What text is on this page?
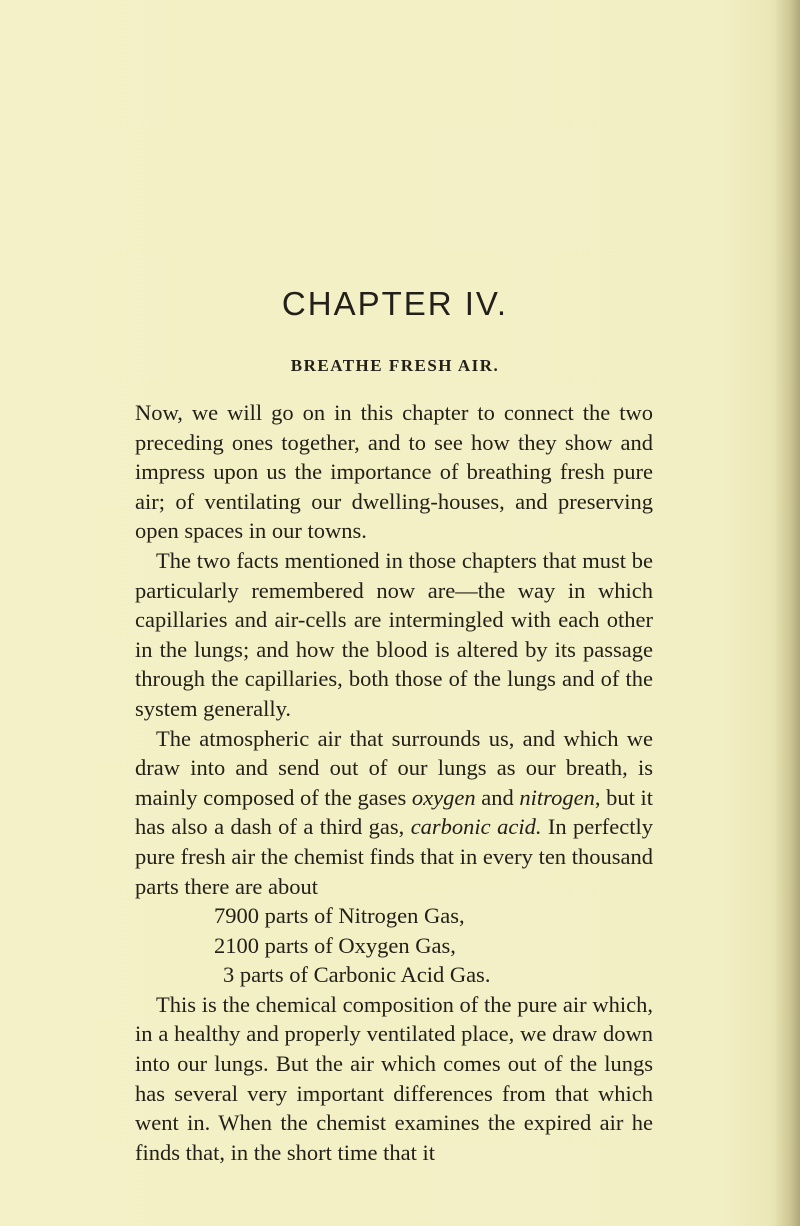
CHAPTER IV.
BREATHE FRESH AIR.

Now, we will go on in this chapter to connect the two preceding ones together, and to see how they show and impress upon us the importance of breathing fresh pure air; of ventilating our dwelling-houses, and preserving open spaces in our towns.

The two facts mentioned in those chapters that must be particularly remembered now are—the way in which capillaries and air-cells are intermingled with each other in the lungs; and how the blood is altered by its passage through the capillaries, both those of the lungs and of the system generally.

The atmospheric air that surrounds us, and which we draw into and send out of our lungs as our breath, is mainly composed of the gases oxygen and nitrogen, but it has also a dash of a third gas, carbonic acid. In perfectly pure fresh air the chemist finds that in every ten thousand parts there are about

7900 parts of Nitrogen Gas,

2100 parts of Oxygen Gas,

3 parts of Carbonic Acid Gas.

This is the chemical composition of the pure air which, in a healthy and properly ventilated place, we draw down into our lungs. But the air which comes out of the lungs has several very important differences from that which went in. When the chemist examines the expired air he finds that, in the short time that it
